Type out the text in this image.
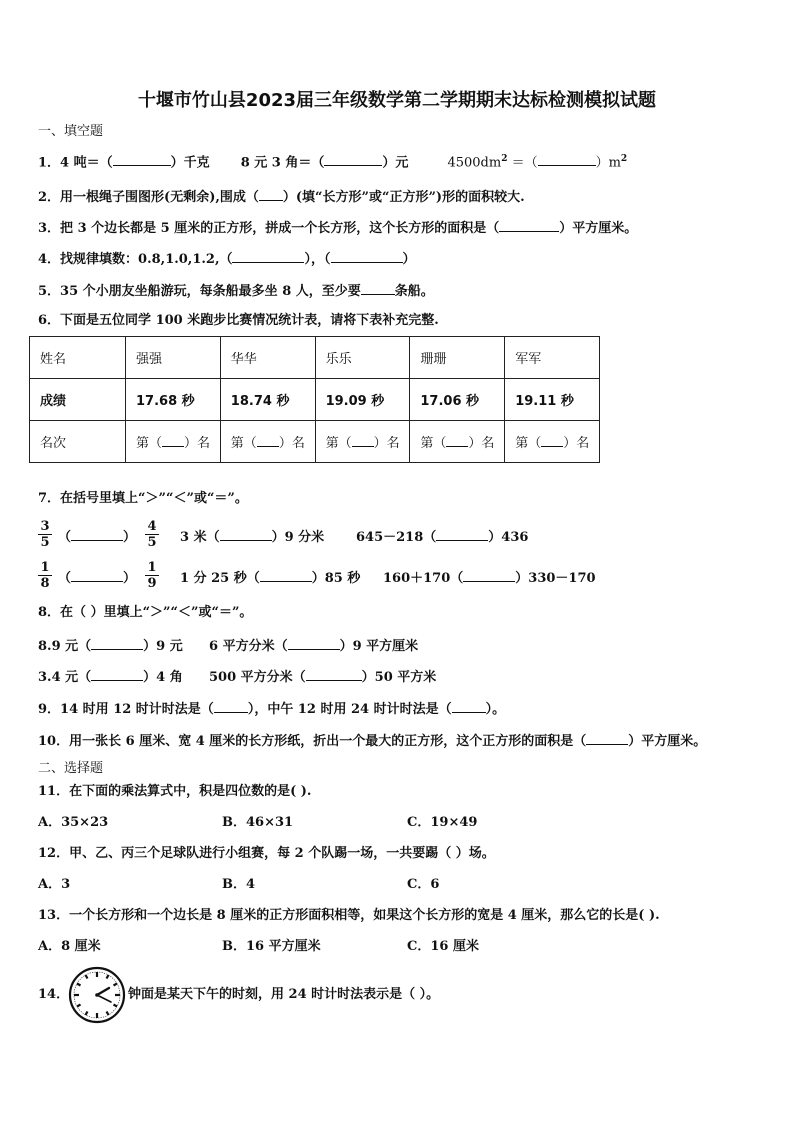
十堰市竹山县2023届三年级数学第二学期期末达标检测模拟试题
一、填空题
1．4 吨＝（	）千克 8 元 3 角＝（	）元	$4500dm^2$ ＝（	）$m^2$
2．用一根绳子围图形(无剩余),围成（ ）(填“长方形”或“正方形”)形的面积较大.
3．把 3 个边长都是 5 厘米的正方形，拼成一个长方形，这个长方形的面积是（	）平方厘米。
4．找规律填数：0.8,1.0,1.2,（	），（	）
5．35 个小朋友坐船游玩，每条船最多坐 8 人，至少要	条船。
6．下面是五位同学 100 米跑步比赛情况统计表，请将下表补充完整.
姓名	强强	华华	乐乐	珊珊	军军
成绩	17.68 秒	18.74 秒	19.09 秒	17.06 秒	19.11 秒
名次	第（ ）名	第（ ）名	第（ ）名	第（ ）名	第（ ）名
7．在括号里填上“＞”“＜”或“＝”。
$\frac{3}{5}$ （	） $\frac{4}{5} 3$ 米（	）9 分米 645－218（	）436
$\frac{1}{8}$ （	） $\frac{1}{9} 1$ 分 25 秒（	）85 秒 160＋170（	）330－170
8．在（ ）里填上“＞”“＜”或“＝”。
8.9 元（	）9 元 6 平方分米（	）9 平方厘米
3.4 元（	）4 角 500 平方分米（	）50 平方米
9．14 时用 12 时计时法是（	），中午 12 时用 24 时计时法是（	）。
10．用一张长 6 厘米、宽 4 厘米的长方形纸，折出一个最大的正方形，这个正方形的面积是（	）平方厘米。
二、选择题
11．在下面的乘法算式中，积是四位数的是( ).
A．35×23	B．46×31	C．19×49
12．甲、乙、丙三个足球队进行小组赛，每 2 个队踢一场，一共要踢（ ）场。
A．3	B．4	C．6
13．一个长方形和一个边长是 8 厘米的正方形面积相等，如果这个长方形的宽是 4 厘米，那么它的长是( ).
A．8 厘米	B．16 平方厘米	C．16 厘米
14．	钟面是某天下午的时刻，用 24 时计时法表示是（ ）。
